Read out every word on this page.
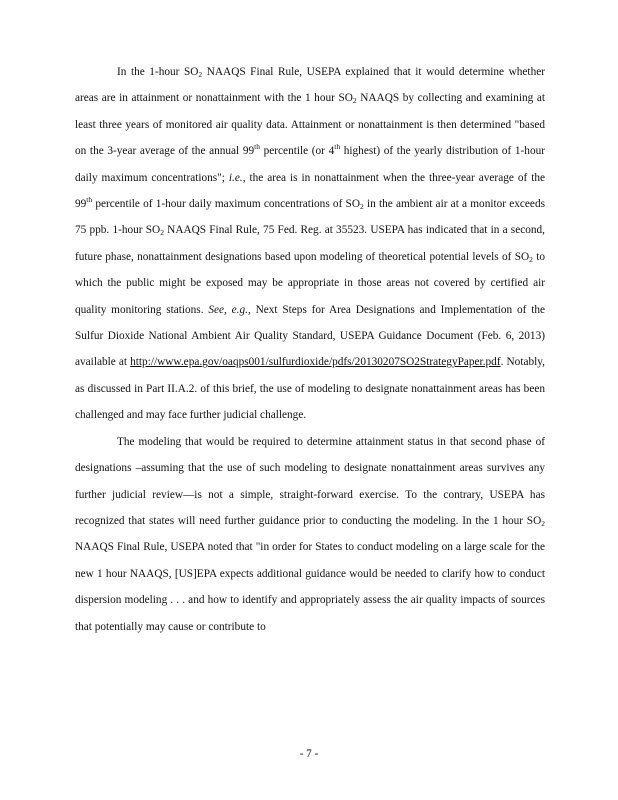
In the 1-hour $SO_2$ NAAQS Final Rule, USEPA explained that it would determine whether areas are in attainment or nonattainment with the 1 hour $SO_2$ NAAQS by collecting and examining at least three years of monitored air quality data. Attainment or nonattainment is then determined "based on the 3-year average of the annual 99th percentile (or 4th highest) of the yearly distribution of 1-hour daily maximum concentrations"; i.e., the area is in nonattainment when the three-year average of the 99th percentile of 1-hour daily maximum concentrations of $SO_2$ in the ambient air at a monitor exceeds 75 ppb. 1-hour $SO_2$ NAAQS Final Rule, 75 Fed. Reg. at 35523. USEPA has indicated that in a second, future phase, nonattainment designations based upon modeling of theoretical potential levels of $SO_2$ to which the public might be exposed may be appropriate in those areas not covered by certified air quality monitoring stations. See, e.g., Next Steps for Area Designations and Implementation of the Sulfur Dioxide National Ambient Air Quality Standard, USEPA Guidance Document (Feb. 6, 2013) available at http://www.epa.gov/oaqps001/sulfurdioxide/pdfs/20130207SO2StrategyPaper.pdf. Notably, as discussed in Part II.A.2. of this brief, the use of modeling to designate nonattainment areas has been challenged and may face further judicial challenge.

The modeling that would be required to determine attainment status in that second phase of designations –assuming that the use of such modeling to designate nonattainment areas survives any further judicial review—is not a simple, straight-forward exercise. To the contrary, USEPA has recognized that states will need further guidance prior to conducting the modeling. In the 1 hour $SO_2$ NAAQS Final Rule, USEPA noted that "in order for States to conduct modeling on a large scale for the new 1 hour NAAQS, [US]EPA expects additional guidance would be needed to clarify how to conduct dispersion modeling . . . and how to identify and appropriately assess the air quality impacts of sources that potentially may cause or contribute to

- 7 -
